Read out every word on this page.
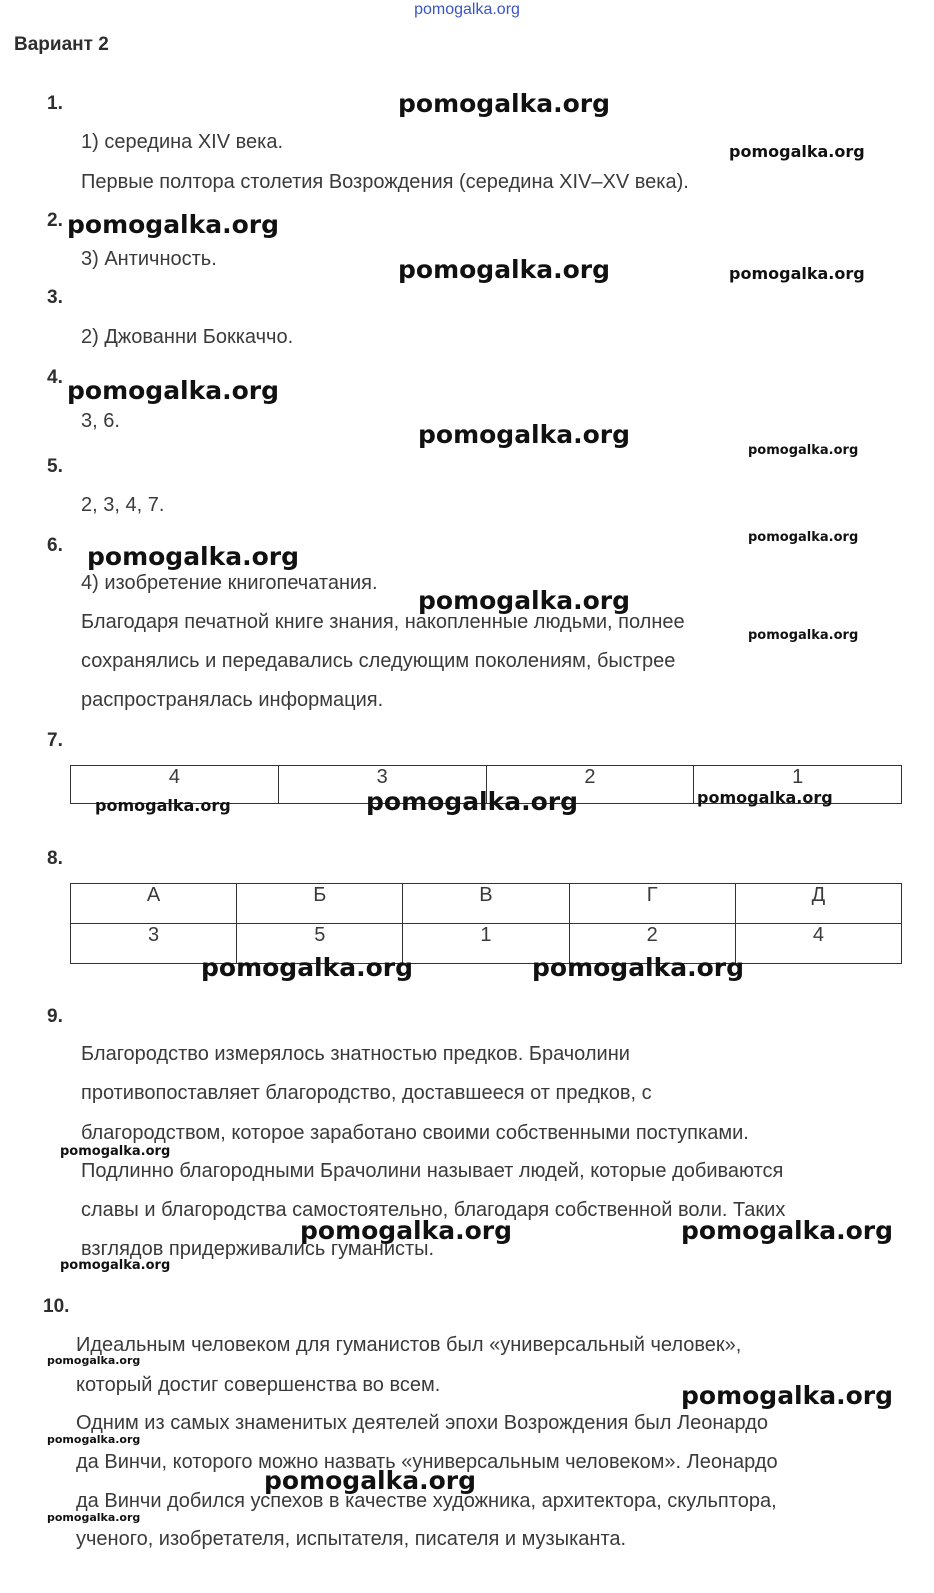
pomogalka.org
Вариант 2
1.
1) середина XIV века.
Первые полтора столетия Возрождения (середина XIV–XV века).
2.
3) Античность.
3.
2) Джованни Боккаччо.
4.
3, 6.
5.
2, 3, 4, 7.
6.
4) изобретение книгопечатания.
Благодаря печатной книге знания, накопленные людьми, полнее
сохранялись и передавались следующим поколениям, быстрее
распространялась информация.
7.
4	3	2	1
8.
А	Б	В	Г	Д
3	5	1	2	4
9.
Благородство измерялось знатностью предков. Брачолини
противопоставляет благородство, доставшееся от предков, с
благородством, которое заработано своими собственными поступками.
Подлинно благородными Брачолини называет людей, которые добиваются
славы и благородства самостоятельно, благодаря собственной воли. Таких
взглядов придерживались гуманисты.
10.
Идеальным человеком для гуманистов был «универсальный человек»,
который достиг совершенства во всем.
Одним из самых знаменитых деятелей эпохи Возрождения был Леонардо
да Винчи, которого можно назвать «универсальным человеком». Леонардо
да Винчи добился успехов в качестве художника, архитектора, скульптора,
ученого, изобретателя, испытателя, писателя и музыканта.
pomogalka.org
pomogalka.org
pomogalka.org
pomogalka.org	pomogalka.org
pomogalka.org
pomogalka.org
pomogalka.org
pomogalka.org
pomogalka.org
pomogalka.org
pomogalka.org
pomogalka.org	pomogalka.org	pomogalka.org
pomogalka.org	pomogalka.org
pomogalka.org
pomogalka.org	pomogalka.org
pomogalka.org
pomogalka.org
pomogalka.org
pomogalka.org
pomogalka.org
pomogalka.org
